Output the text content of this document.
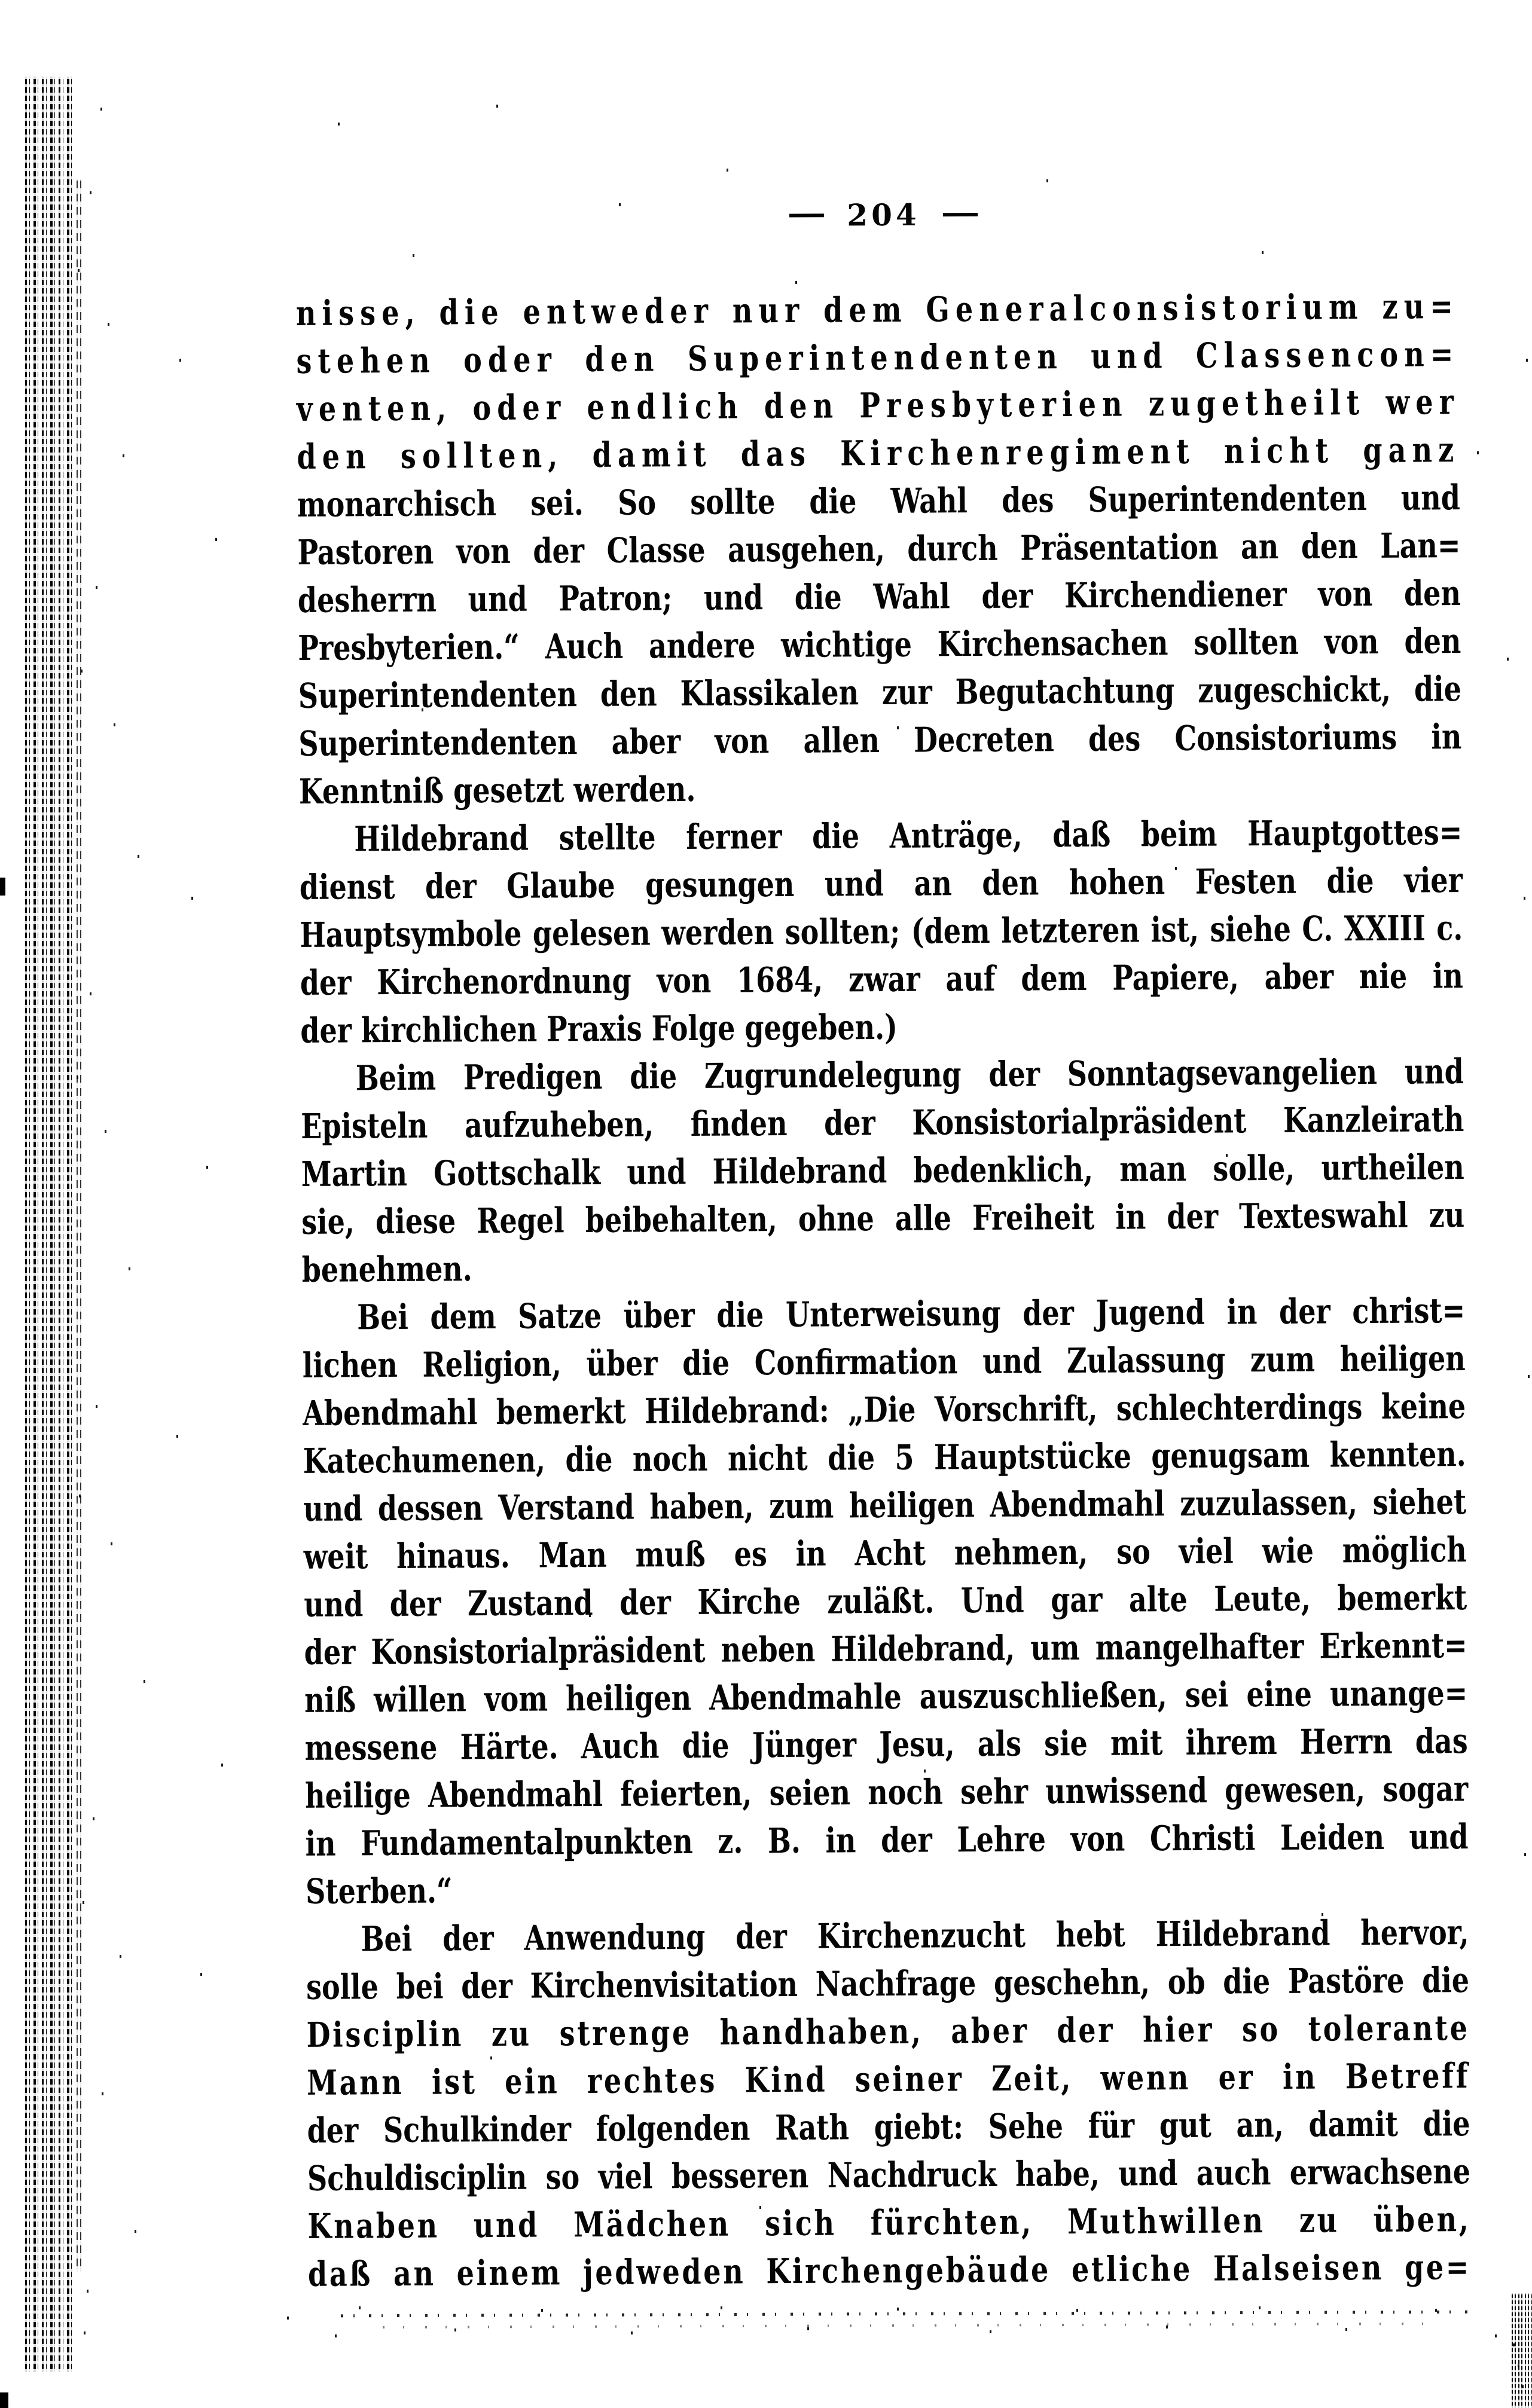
— 204 —
nisse, die entweder nur dem Generalconsistorium zu=
stehen oder den Superintendenten und Classencon=
venten, oder endlich den Presbyterien zugetheilt wer
den sollten, damit das Kirchenregiment nicht ganz
monarchisch sei. So sollte die Wahl des Superintendenten und
Pastoren von der Classe ausgehen, durch Präsentation an den Lan=
desherrn und Patron; und die Wahl der Kirchendiener von den
Presbyterien.“ Auch andere wichtige Kirchensachen sollten von den
Superintendenten den Klassikalen zur Begutachtung zugeschickt, die
Superintendenten aber von allen Decreten des Consistoriums in
Kenntniß gesetzt werden.
Hildebrand stellte ferner die Anträge, daß beim Hauptgottes=
dienst der Glaube gesungen und an den hohen Festen die vier
Hauptsymbole gelesen werden sollten; (dem letzteren ist, siehe C. XXIII c.
der Kirchenordnung von 1684, zwar auf dem Papiere, aber nie in
der kirchlichen Praxis Folge gegeben.)
Beim Predigen die Zugrundelegung der Sonntagsevangelien und
Episteln aufzuheben, finden der Konsistorialpräsident Kanzleirath
Martin Gottschalk und Hildebrand bedenklich, man solle, urtheilen
sie, diese Regel beibehalten, ohne alle Freiheit in der Texteswahl zu
benehmen.
Bei dem Satze über die Unterweisung der Jugend in der christ=
lichen Religion, über die Confirmation und Zulassung zum heiligen
Abendmahl bemerkt Hildebrand: „Die Vorschrift, schlechterdings keine
Katechumenen, die noch nicht die 5 Hauptstücke genugsam kennten.
und dessen Verstand haben, zum heiligen Abendmahl zuzulassen, siehet
weit hinaus. Man muß es in Acht nehmen, so viel wie möglich
und der Zustand der Kirche zuläßt. Und gar alte Leute, bemerkt
der Konsistorialpräsident neben Hildebrand, um mangelhafter Erkennt=
niß willen vom heiligen Abendmahle auszuschließen, sei eine unange=
messene Härte. Auch die Jünger Jesu, als sie mit ihrem Herrn das
heilige Abendmahl feierten, seien noch sehr unwissend gewesen, sogar
in Fundamentalpunkten z. B. in der Lehre von Christi Leiden und
Sterben.“
Bei der Anwendung der Kirchenzucht hebt Hildebrand hervor,
solle bei der Kirchenvisitation Nachfrage geschehn, ob die Pastöre die
Disciplin zu strenge handhaben, aber der hier so tolerante
Mann ist ein rechtes Kind seiner Zeit, wenn er in Betreff
der Schulkinder folgenden Rath giebt: Sehe für gut an, damit die
Schuldisciplin so viel besseren Nachdruck habe, und auch erwachsene
Knaben und Mädchen sich fürchten, Muthwillen zu üben,
daß an einem jedweden Kirchengebäude etliche Halseisen ge=
